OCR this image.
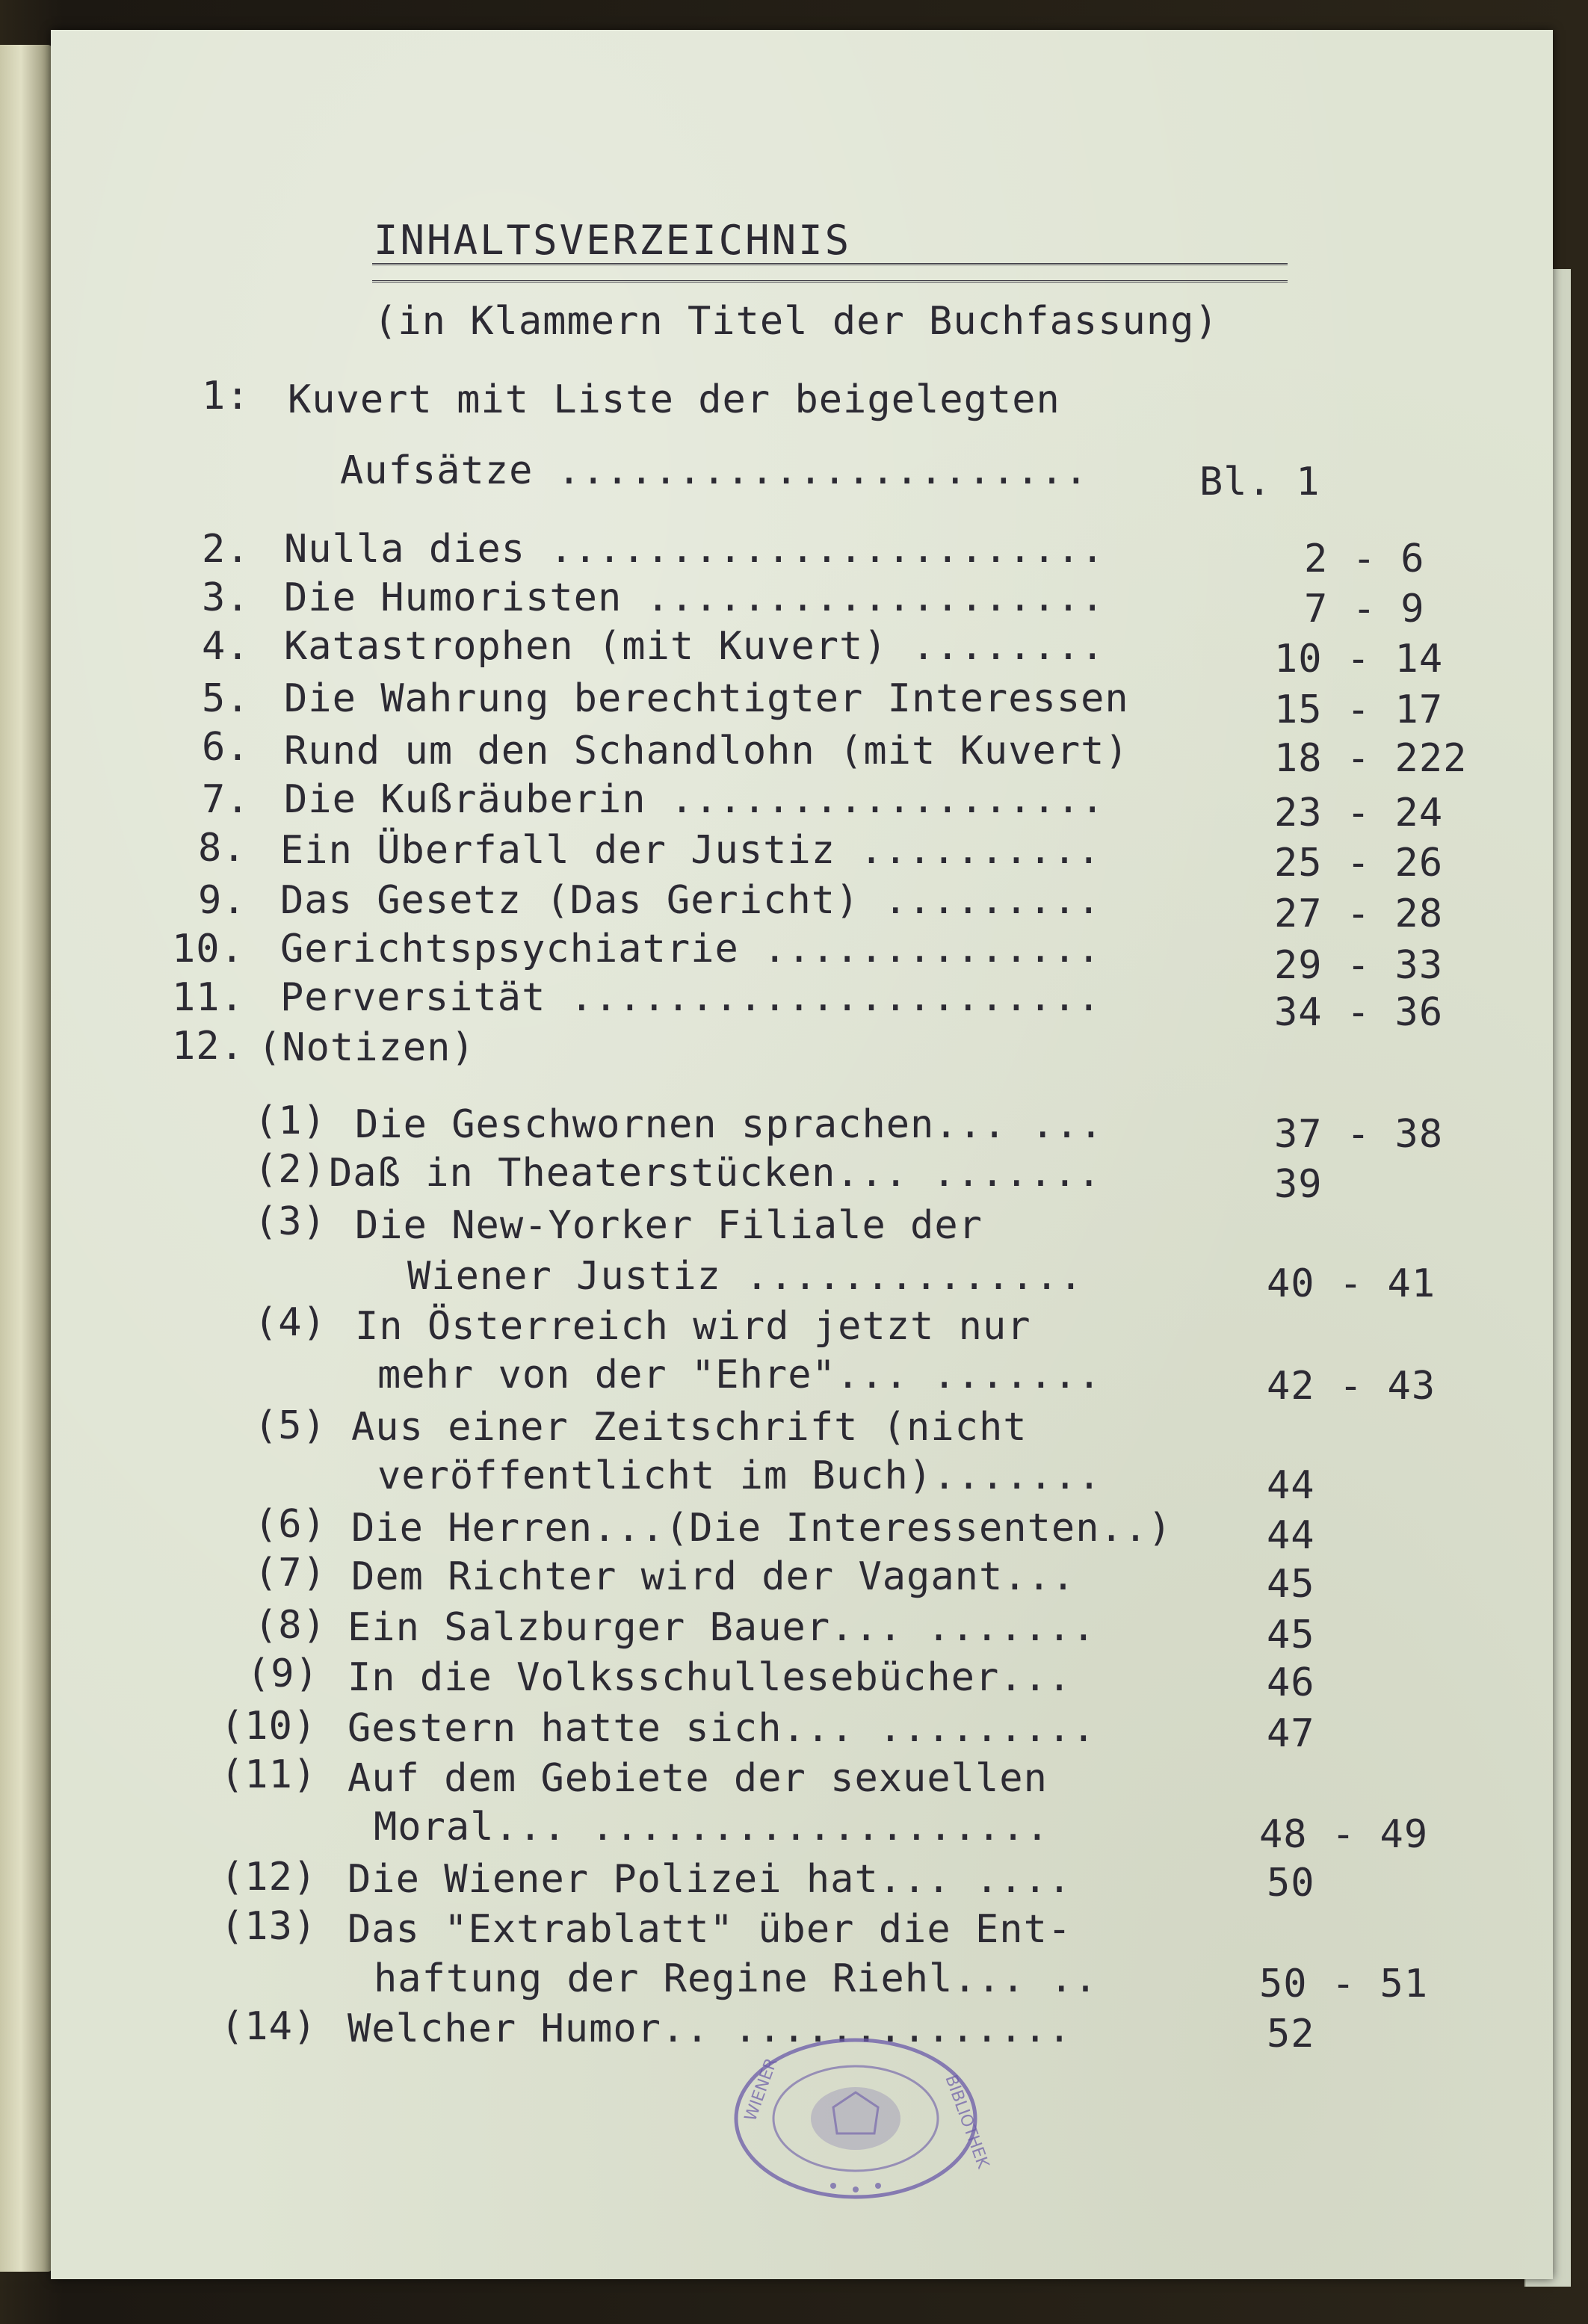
INHALTSVERZEICHNIS
(in Klammern Titel der Buchfassung)
1: Kuvert mit Liste der beigelegten
Aufsätze ......................	Bl. 1
2. Nulla dies .......................	2 - 6
3. Die Humoristen ...................	7 - 9
4. Katastrophen (mit Kuvert) ........	10 - 14
5. Die Wahrung berechtigter Interessen	15 - 17
6. Rund um den Schandlohn (mit Kuvert)	18 - 222
7. Die Kußräuberin ..................	23 - 24
8. Ein Überfall der Justiz ..........	25 - 26
9. Das Gesetz (Das Gericht) .........	27 - 28
10. Gerichtspsychiatrie ..............	29 - 33
11. Perversität ......................	34 - 36
12. (Notizen)
(1) Die Geschwornen sprachen... ...	37 - 38
(2) Daß in Theaterstücken... .......	39
(3) Die New-Yorker Filiale der
Wiener Justiz ..............	40 - 41
(4) In Österreich wird jetzt nur
mehr von der "Ehre"... .......	42 - 43
(5) Aus einer Zeitschrift (nicht
veröffentlicht im Buch).......	44
(6) Die Herren...(Die Interessenten..) 44
(7) Dem Richter wird der Vagant...	45
(8) Ein Salzburger Bauer... .......	45
(9) In die Volksschullesebücher...	46
(10) Gestern hatte sich... .........	47
(11) Auf dem Gebiete der sexuellen
Moral... ...................	48 - 49
(12) Die Wiener Polizei hat... ....	50
(13) Das "Extrablatt" über die Ent-
haftung der Regine Riehl... ..	50 - 51
(14) Welcher Humor.. ..............	52
WIENER	BIBLIOTHEK
